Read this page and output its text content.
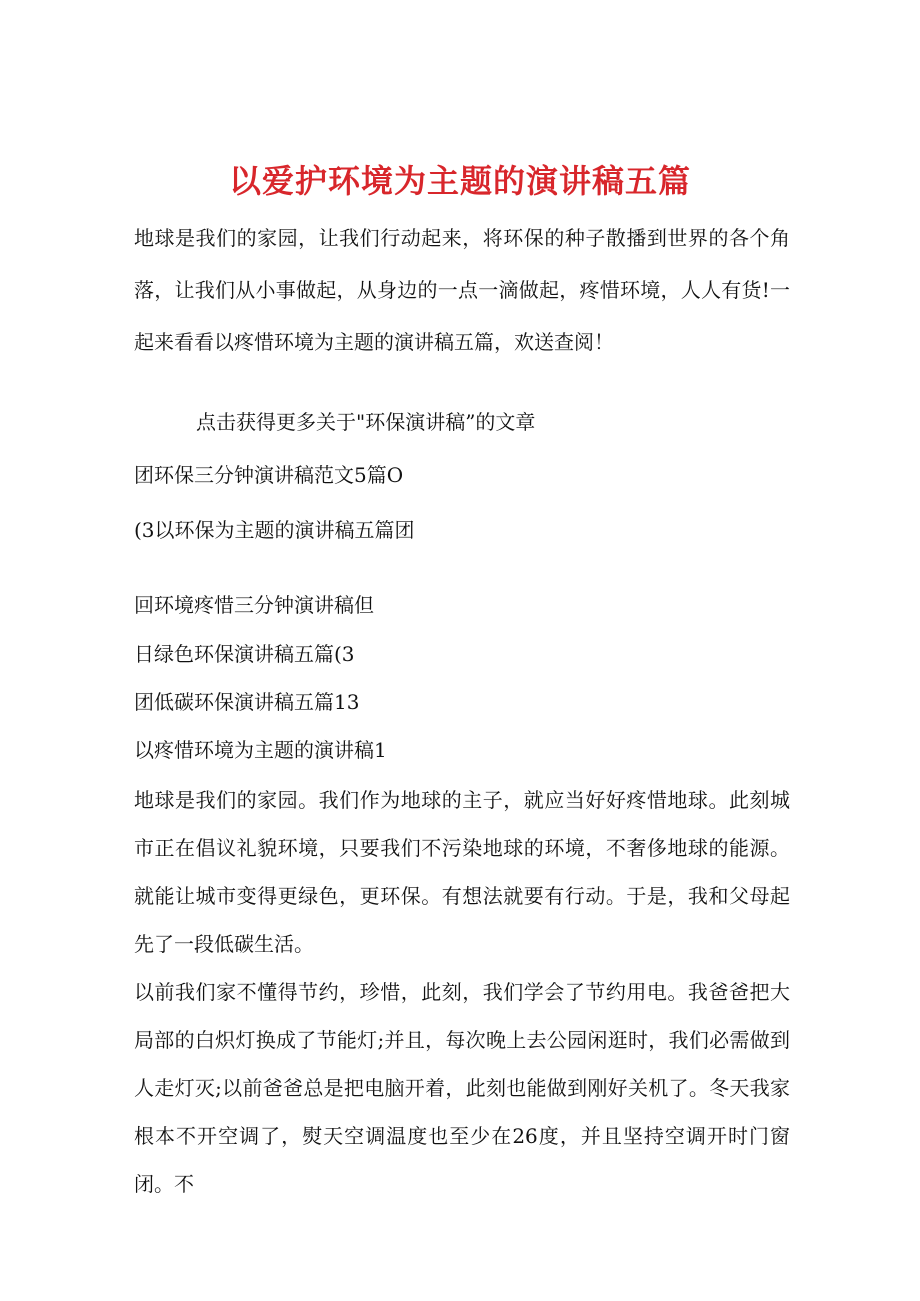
以爱护环境为主题的演讲稿五篇

地球是我们的家园，让我们行动起来，将环保的种子散播到世界的各个角落，让我们从小事做起，从身边的一点一滴做起，疼惜环境，人人有货!一起来看看以疼惜环境为主题的演讲稿五篇，欢送查阅！

点击获得更多关于"环保演讲稿”的文章
团环保三分钟演讲稿范文5篇O
(3以环保为主题的演讲稿五篇团
回环境疼惜三分钟演讲稿但
日绿色环保演讲稿五篇(3
团低碳环保演讲稿五篇13
以疼惜环境为主题的演讲稿1

地球是我们的家园。我们作为地球的主子，就应当好好疼惜地球。此刻城市正在倡议礼貌环境，只要我们不污染地球的环境，不奢侈地球的能源。就能让城市变得更绿色，更环保。有想法就要有行动。于是，我和父母起先了一段低碳生活。

以前我们家不懂得节约，珍惜，此刻，我们学会了节约用电。我爸爸把大局部的白炽灯换成了节能灯;并且，每次晚上去公园闲逛时，我们必需做到人走灯灭;以前爸爸总是把电脑开着，此刻也能做到刚好关机了。冬天我家根本不开空调了，熨天空调温度也至少在26度，并且坚持空调开时门窗闭。不
